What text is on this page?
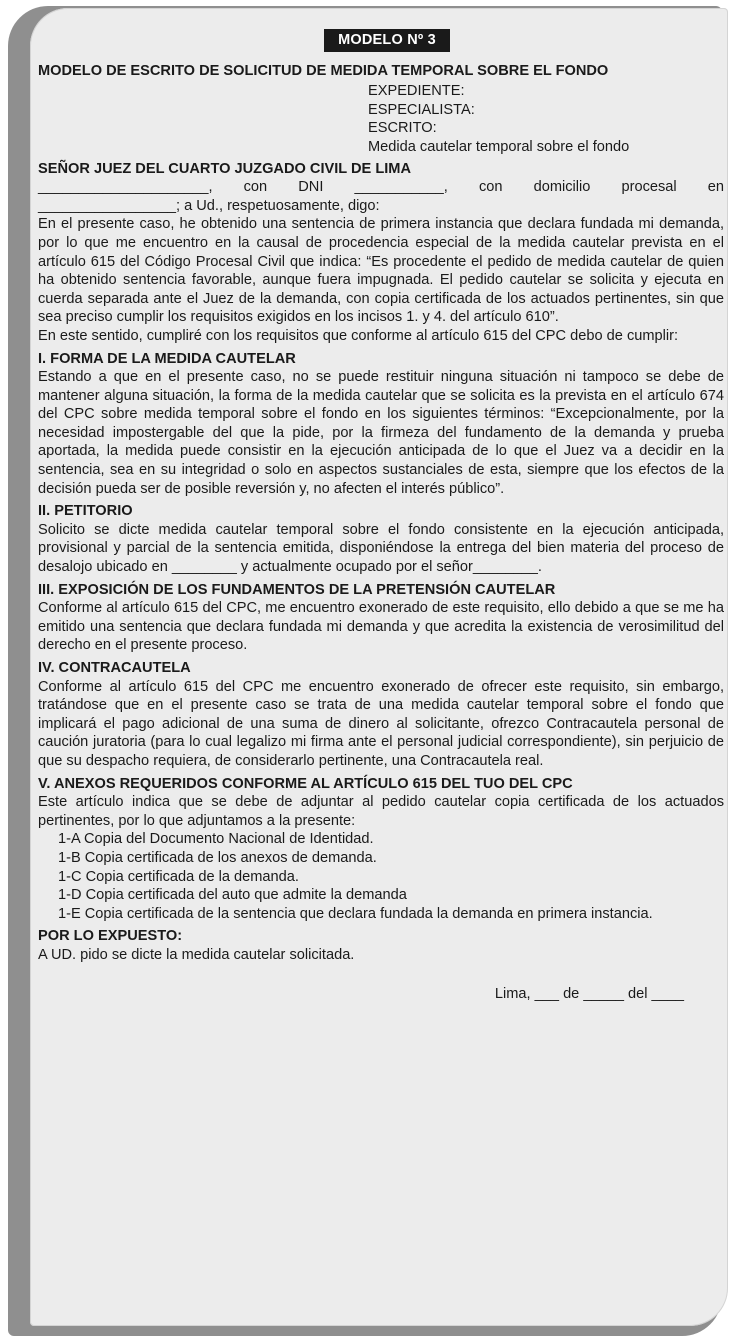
MODELO Nº 3
MODELO DE ESCRITO DE SOLICITUD DE MEDIDA TEMPORAL SOBRE EL FONDO
EXPEDIENTE:
ESPECIALISTA:
ESCRITO:
Medida cautelar temporal sobre el fondo
SEÑOR JUEZ DEL CUARTO JUZGADO CIVIL DE LIMA
_____________________, con DNI ___________, con domicilio procesal en
_________________; a Ud., respetuosamente, digo:
En el presente caso, he obtenido una sentencia de primera instancia que declara fundada mi demanda, por lo que me encuentro en la causal de procedencia especial de la medida cautelar prevista en el artículo 615 del Código Procesal Civil que indica: “Es procedente el pedido de medida cautelar de quien ha obtenido sentencia favorable, aunque fuera impugnada. El pedido cautelar se solicita y ejecuta en cuerda separada ante el Juez de la demanda, con copia certificada de los actuados pertinentes, sin que sea preciso cumplir los requisitos exigidos en los incisos 1. y 4. del artículo 610”.
En este sentido, cumpliré con los requisitos que conforme al artículo 615 del CPC debo de cumplir:
I. FORMA DE LA MEDIDA CAUTELAR
Estando a que en el presente caso, no se puede restituir ninguna situación ni tampoco se debe de mantener alguna situación, la forma de la medida cautelar que se solicita es la prevista en el artículo 674 del CPC sobre medida temporal sobre el fondo en los siguientes términos: “Excepcionalmente, por la necesidad impostergable del que la pide, por la firmeza del fundamento de la demanda y prueba aportada, la medida puede consistir en la ejecución anticipada de lo que el Juez va a decidir en la sentencia, sea en su integridad o solo en aspectos sustanciales de esta, siempre que los efectos de la decisión pueda ser de posible reversión y, no afecten el interés público”.
II. PETITORIO
Solicito se dicte medida cautelar temporal sobre el fondo consistente en la ejecución anticipada, provisional y parcial de la sentencia emitida, disponiéndose la entrega del bien materia del proceso de desalojo ubicado en ________ y actualmente ocupado por el señor________.
III. EXPOSICIÓN DE LOS FUNDAMENTOS DE LA PRETENSIÓN CAUTELAR
Conforme al artículo 615 del CPC, me encuentro exonerado de este requisito, ello debido a que se me ha emitido una sentencia que declara fundada mi demanda y que acredita la existencia de verosimilitud del derecho en el presente proceso.
IV. CONTRACAUTELA
Conforme al artículo 615 del CPC me encuentro exonerado de ofrecer este requisito, sin embargo, tratándose que en el presente caso se trata de una medida cautelar temporal sobre el fondo que implicará el pago adicional de una suma de dinero al solicitante, ofrezco Contracautela personal de caución juratoria (para lo cual legalizo mi firma ante el personal judicial correspondiente), sin perjuicio de que su despacho requiera, de considerarlo pertinente, una Contracautela real.
V. ANEXOS REQUERIDOS CONFORME AL ARTÍCULO 615 DEL TUO DEL CPC
Este artículo indica que se debe de adjuntar al pedido cautelar copia certificada de los actuados pertinentes, por lo que adjuntamos a la presente:
1-A Copia del Documento Nacional de Identidad.
1-B Copia certificada de los anexos de demanda.
1-C Copia certificada de la demanda.
1-D Copia certificada del auto que admite la demanda
1-E Copia certificada de la sentencia que declara fundada la demanda en primera instancia.
POR LO EXPUESTO:
A UD. pido se dicte la medida cautelar solicitada.
Lima, ___ de _____ del ____
